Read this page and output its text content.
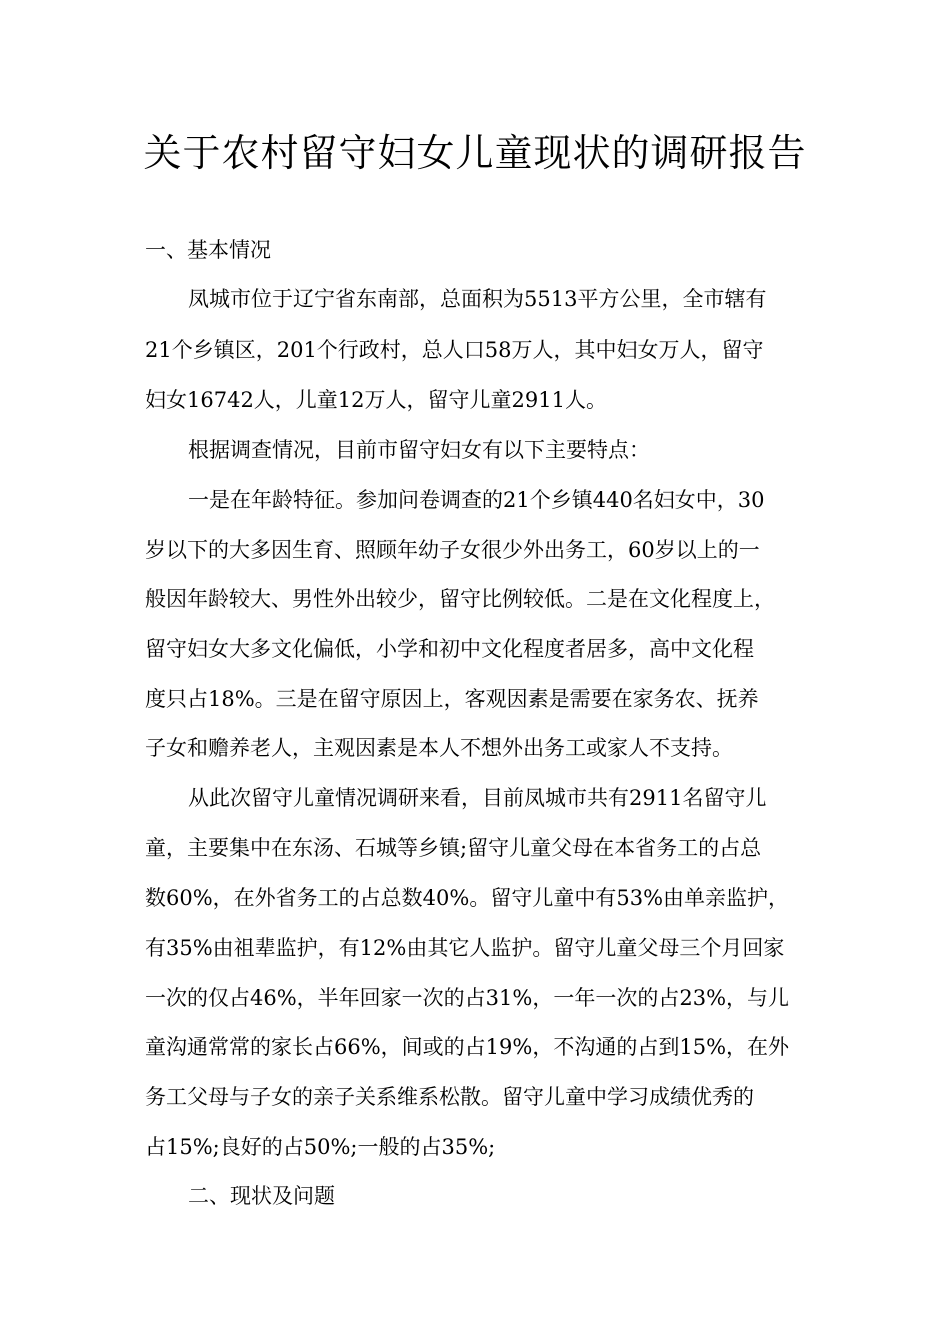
关于农村留守妇女儿童现状的调研报告
一、基本情况
凤城市位于辽宁省东南部，总面积为5513平方公里，全市辖有
21个乡镇区，201个行政村，总人口58万人，其中妇女万人，留守
妇女16742人，儿童12万人，留守儿童2911人。
根据调查情况，目前市留守妇女有以下主要特点：
一是在年龄特征。参加问卷调查的21个乡镇440名妇女中，30
岁以下的大多因生育、照顾年幼子女很少外出务工，60岁以上的一
般因年龄较大、男性外出较少，留守比例较低。二是在文化程度上，
留守妇女大多文化偏低，小学和初中文化程度者居多，高中文化程
度只占18%。三是在留守原因上，客观因素是需要在家务农、抚养
子女和赡养老人，主观因素是本人不想外出务工或家人不支持。
从此次留守儿童情况调研来看，目前凤城市共有2911名留守儿
童，主要集中在东汤、石城等乡镇;留守儿童父母在本省务工的占总
数60%，在外省务工的占总数40%。留守儿童中有53%由单亲监护，
有35%由祖辈监护，有12%由其它人监护。留守儿童父母三个月回家
一次的仅占46%，半年回家一次的占31%，一年一次的占23%，与儿
童沟通常常的家长占66%，间或的占19%，不沟通的占到15%，在外
务工父母与子女的亲子关系维系松散。留守儿童中学习成绩优秀的
占15%;良好的占50%;一般的占35%;
二、现状及问题
